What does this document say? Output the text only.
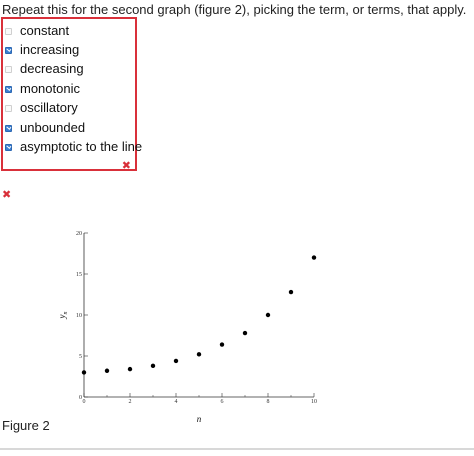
Repeat this for the second graph (figure 2), picking the term, or terms, that apply.
constant
increasing
decreasing
monotonic
oscillatory
unbounded
asymptotic to the line
✖
✖
0	2	4	6	8	10
0
5
10
15
20
n
$y_n$
Figure 2
